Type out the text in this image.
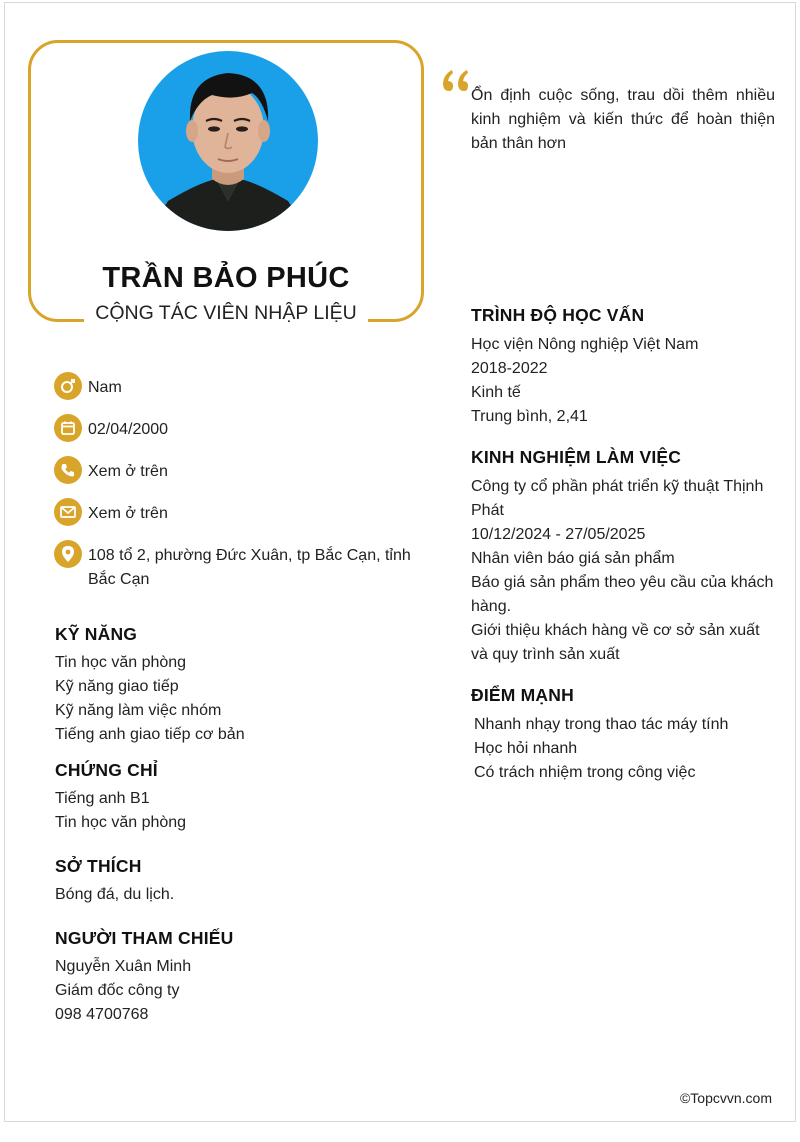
TRẦN BẢO PHÚC
CỘNG TÁC VIÊN NHẬP LIỆU
Ổn định cuộc sống, trau dồi thêm nhiều kinh nghiệm và kiến thức để hoàn thiện bản thân hơn
Nam
02/04/2000
Xem ở trên
Xem ở trên
108 tổ 2, phường Đức Xuân, tp Bắc Cạn, tỉnh Bắc Cạn
KỸ NĂNG
Tin học văn phòng
Kỹ năng giao tiếp
Kỹ năng làm việc nhóm
Tiếng anh giao tiếp cơ bản
CHỨNG CHỈ
Tiếng anh B1
Tin học văn phòng
SỞ THÍCH
Bóng đá, du lịch.
NGƯỜI THAM CHIẾU
Nguyễn Xuân Minh
Giám đốc công ty
098 4700768
TRÌNH ĐỘ HỌC VẤN
Học viện Nông nghiệp Việt Nam
2018-2022
Kinh tế
Trung bình, 2,41
KINH NGHIỆM LÀM VIỆC
Công ty cổ phần phát triển kỹ thuật Thịnh Phát
10/12/2024 - 27/05/2025
Nhân viên báo giá sản phẩm
Báo giá sản phẩm theo yêu cầu của khách hàng.
Giới thiệu khách hàng về cơ sở sản xuất và quy trình sản xuất
ĐIỂM MẠNH
Nhanh nhạy trong thao tác máy tính
Học hỏi nhanh
Có trách nhiệm trong công việc
©Topcvvn.com
